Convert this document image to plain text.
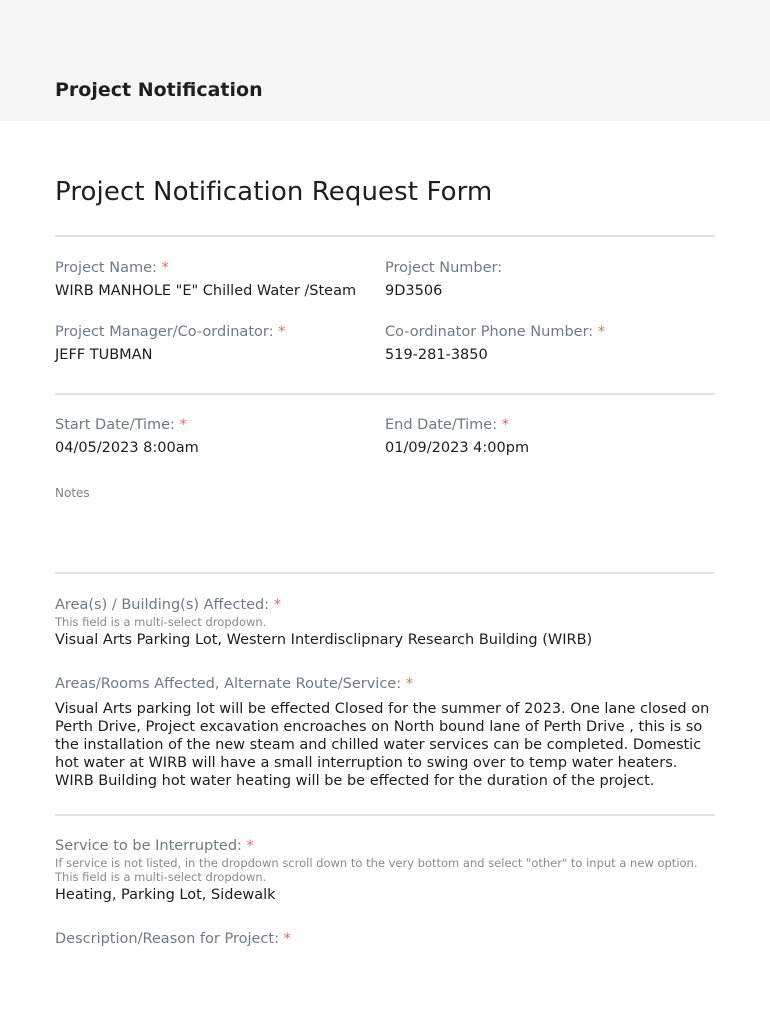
Project Notification
Project Notification Request Form
Project Name: *
WIRB MANHOLE "E" Chilled Water /Steam
Project Number:
9D3506
Project Manager/Co-ordinator: *
JEFF TUBMAN
Co-ordinator Phone Number: *
519-281-3850
Start Date/Time: *
04/05/2023 8:00am
End Date/Time: *
01/09/2023 4:00pm
Notes
Area(s) / Building(s) Affected: *
This field is a multi-select dropdown.
Visual Arts Parking Lot, Western Interdisclipnary Research Building (WIRB)
Areas/Rooms Affected, Alternate Route/Service: *
Visual Arts parking lot will be effected Closed for the summer of 2023. One lane closed on Perth Drive, Project excavation encroaches on North bound lane of Perth Drive , this is so the installation of the new steam and chilled water services can be completed. Domestic hot water at WIRB will have a small interruption to swing over to temp water heaters. WIRB Building hot water heating will be be effected for the duration of the project.
Service to be Interrupted: *
If service is not listed, in the dropdown scroll down to the very bottom and select "other" to input a new option.
This field is a multi-select dropdown.
Heating, Parking Lot, Sidewalk
Description/Reason for Project: *
